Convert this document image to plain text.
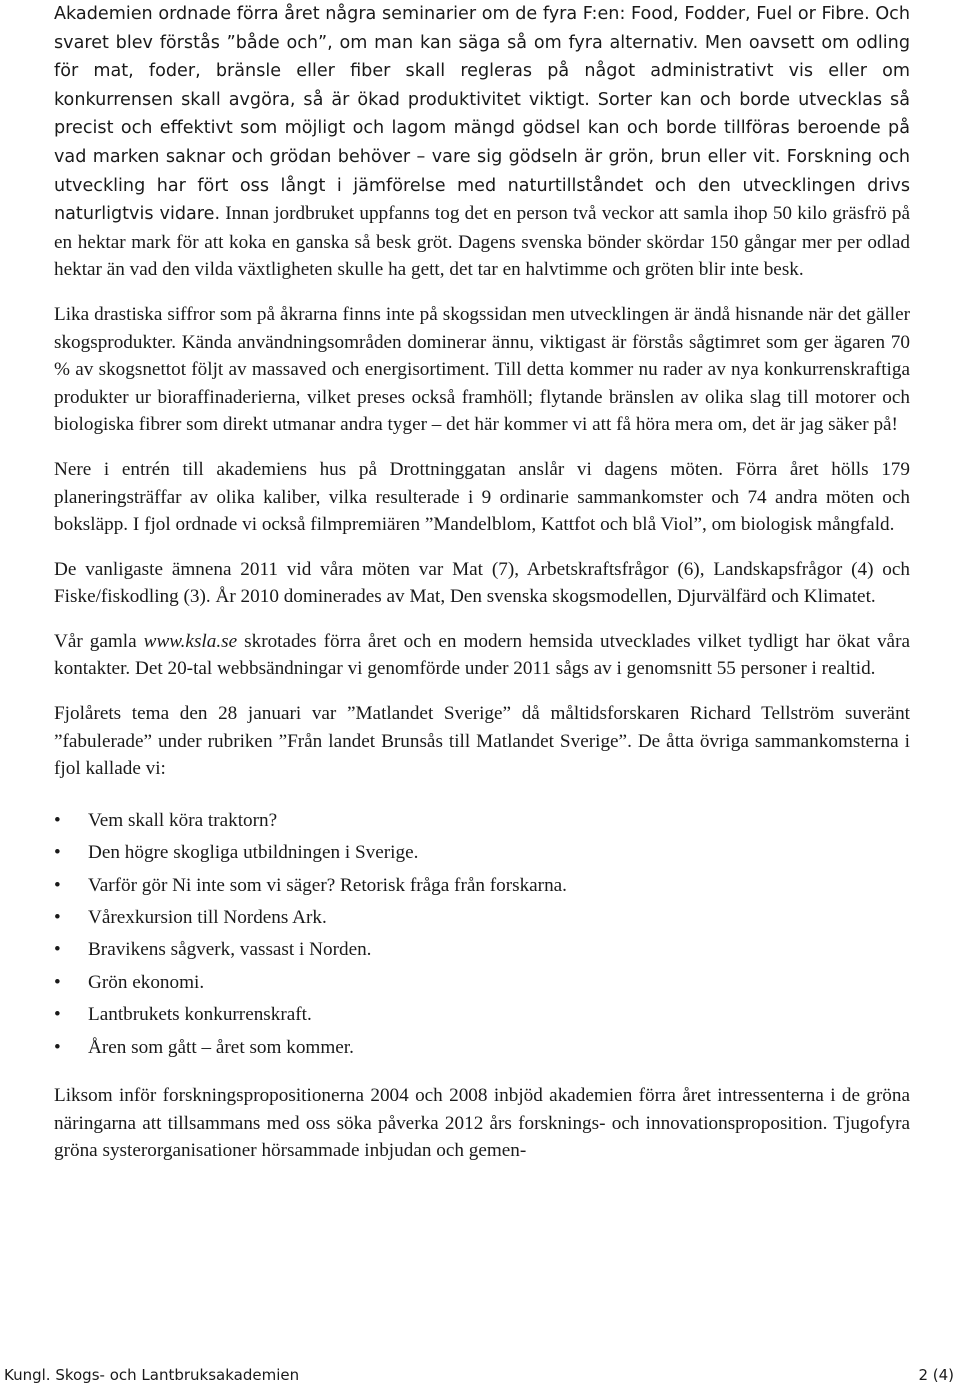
Akademien ordnade förra året några seminarier om de fyra F:en: Food, Fodder, Fuel or Fibre. Och svaret blev förstås ”både och”, om man kan säga så om fyra alternativ. Men oavsett om odling för mat, foder, bränsle eller fiber skall regleras på något administrativt vis eller om konkurrensen skall avgöra, så är ökad produktivitet viktigt. Sorter kan och borde utvecklas så precist och effektivt som möjligt och lagom mängd gödsel kan och borde tillföras beroende på vad marken saknar och grödan behöver – vare sig gödseln är grön, brun eller vit. Forskning och utveckling har fört oss långt i jämförelse med naturtillståndet och den utvecklingen drivs naturligtvis vidare. Innan jordbruket uppfanns tog det en person två veckor att samla ihop 50 kilo gräsfrö på en hektar mark för att koka en ganska så besk gröt. Dagens svenska bönder skördar 150 gångar mer per odlad hektar än vad den vilda växtligheten skulle ha gett, det tar en halvtimme och gröten blir inte besk.

Lika drastiska siffror som på åkrarna finns inte på skogssidan men utvecklingen är ändå hisnande när det gäller skogsprodukter. Kända användningsområden dominerar ännu, viktigast är förstås sågtimret som ger ägaren 70 % av skogsnettot följt av massaved och energisortiment. Till detta kommer nu rader av nya konkurrenskraftiga produkter ur bioraffinaderierna, vilket preses också framhöll; flytande bränslen av olika slag till motorer och biologiska fibrer som direkt utmanar andra tyger – det här kommer vi att få höra mera om, det är jag säker på!

Nere i entrén till akademiens hus på Drottninggatan anslår vi dagens möten. Förra året hölls 179 planeringsträffar av olika kaliber, vilka resulterade i 9 ordinarie sammankomster och 74 andra möten och boksläpp. I fjol ordnade vi också filmpremiären ”Mandelblom, Kattfot och blå Viol”, om biologisk mångfald.

De vanligaste ämnena 2011 vid våra möten var Mat (7), Arbetskraftsfrågor (6), Landskapsfrågor (4) och Fiske/fiskodling (3). År 2010 dominerades av Mat, Den svenska skogsmodellen, Djurvälfärd och Klimatet.

Vår gamla www.ksla.se skrotades förra året och en modern hemsida utvecklades vilket tydligt har ökat våra kontakter. Det 20-tal webbsändningar vi genomförde under 2011 sågs av i genomsnitt 55 personer i realtid.

Fjolårets tema den 28 januari var ”Matlandet Sverige” då måltidsforskaren Richard Tellström suveränt ”fabulerade” under rubriken ”Från landet Brunsås till Matlandet Sverige”. De åtta övriga sammankomsterna i fjol kallade vi:

• Vem skall köra traktorn?
• Den högre skogliga utbildningen i Sverige.
• Varför gör Ni inte som vi säger? Retorisk fråga från forskarna.
• Vårexkursion till Nordens Ark.
• Bravikens sågverk, vassast i Norden.
• Grön ekonomi.
• Lantbrukets konkurrenskraft.
• Åren som gått – året som kommer.

Liksom inför forskningspropositionerna 2004 och 2008 inbjöd akademien förra året intressenterna i de gröna näringarna att tillsammans med oss söka påverka 2012 års forsknings- och innovationsproposition. Tjugofyra gröna systerorganisationer hörsammade inbjudan och gemen-

Kungl. Skogs- och Lantbruksakademien	2 (4)
